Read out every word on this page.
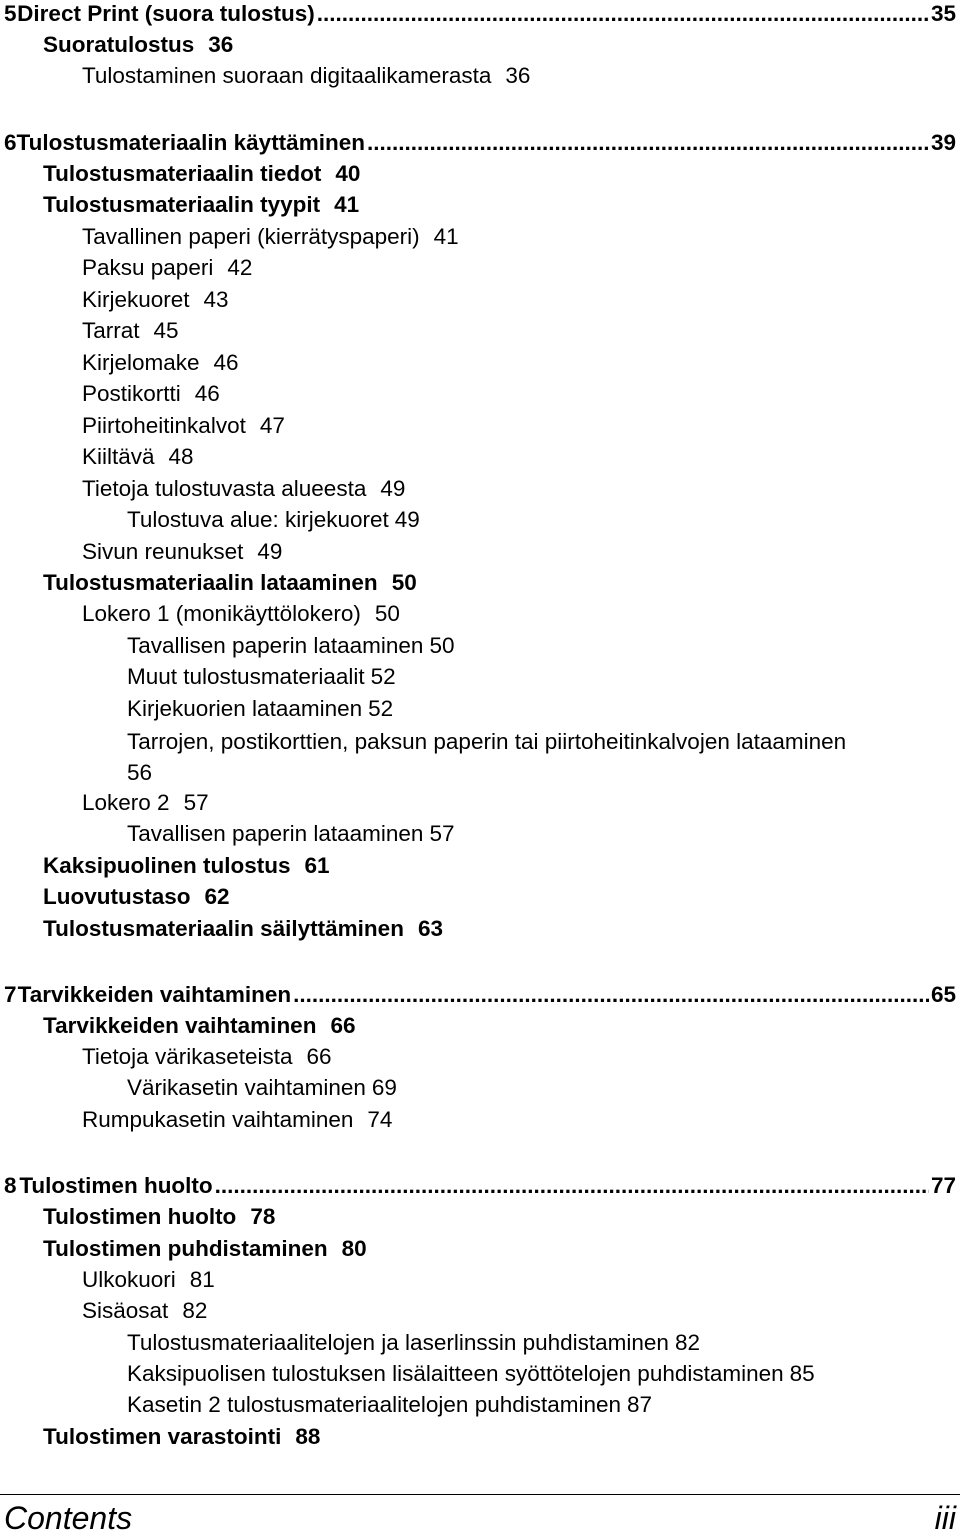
5 Direct Print (suora tulostus) .....	35
Suoratulostus 36
Tulostaminen suoraan digitaalikamerasta 36
6 Tulostusmateriaalin käyttäminen .....	39
Tulostusmateriaalin tiedot 40
Tulostusmateriaalin tyypit 41
Tavallinen paperi (kierrätyspaperi) 41
Paksu paperi 42
Kirjekuoret 43
Tarrat 45
Kirjelomake 46
Postikortti 46
Piirtoheitinkalvot 47
Kiiltävä 48
Tietoja tulostuvasta alueesta 49
Tulostuva alue: kirjekuoret 49
Sivun reunukset 49
Tulostusmateriaalin lataaminen 50
Lokero 1 (monikäyttölokero) 50
Tavallisen paperin lataaminen 50
Muut tulostusmateriaalit 52
Kirjekuorien lataaminen 52
Tarrojen, postikorttien, paksun paperin tai piirtoheitinkalvojen lataaminen
56
Lokero 2 57
Tavallisen paperin lataaminen 57
Kaksipuolinen tulostus 61
Luovutustaso 62
Tulostusmateriaalin säilyttäminen 63
7 Tarvikkeiden vaihtaminen .....	65
Tarvikkeiden vaihtaminen 66
Tietoja värikaseteista 66
Värikasetin vaihtaminen 69
Rumpukasetin vaihtaminen 74
8 Tulostimen huolto .....	77
Tulostimen huolto 78
Tulostimen puhdistaminen 80
Ulkokuori 81
Sisäosat 82
Tulostusmateriaalitelojen ja laserlinssin puhdistaminen 82
Kaksipuolisen tulostuksen lisälaitteen syöttötelojen puhdistaminen 85
Kasetin 2 tulostusmateriaalitelojen puhdistaminen 87
Tulostimen varastointi 88
Contents	iii
